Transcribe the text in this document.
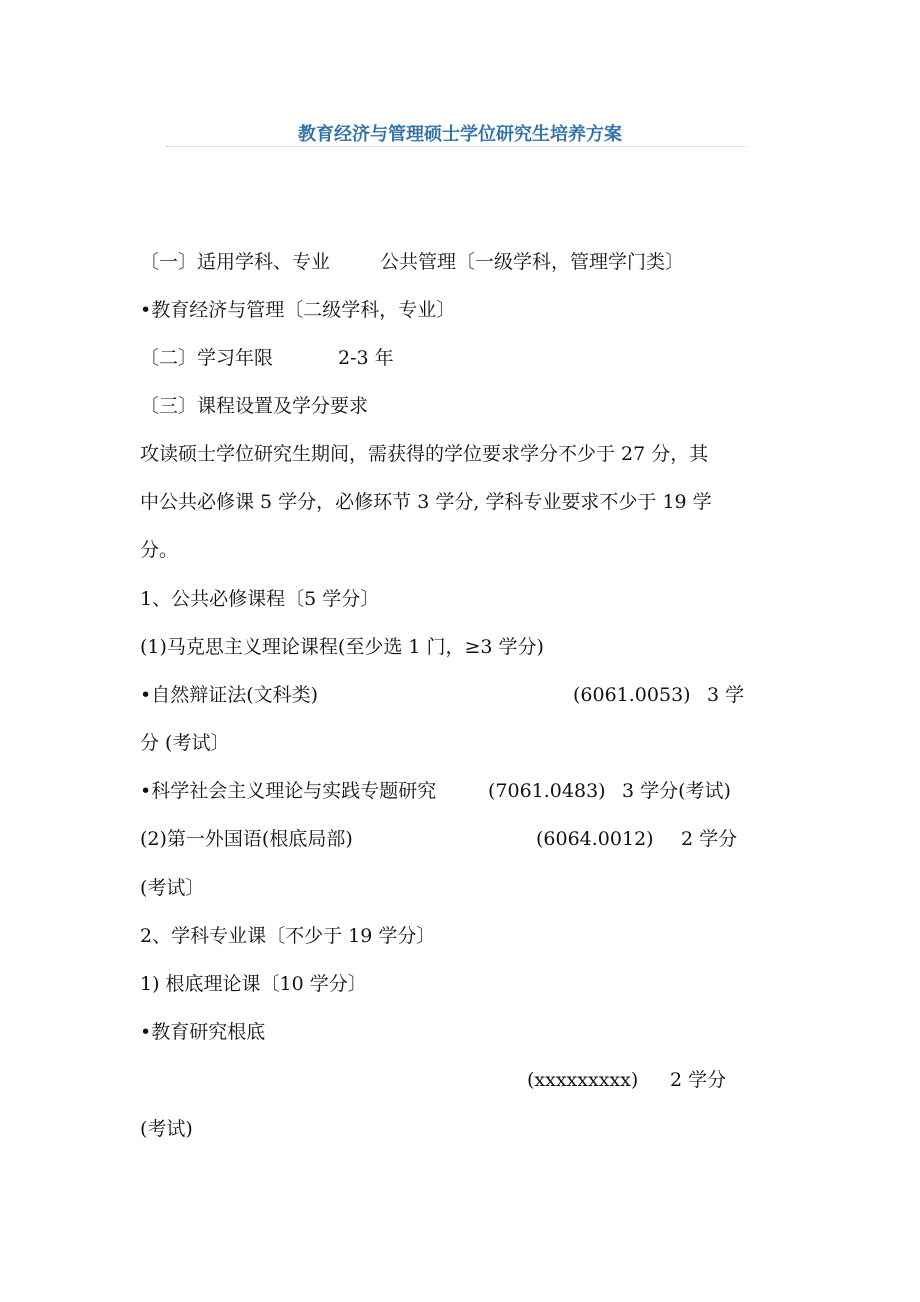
教育经济与管理硕士学位研究生培养方案
〔一〕适用学科、专业	公共管理〔一级学科，管理学门类〕
•教育经济与管理〔二级学科，专业〕
〔二〕学习年限	2-3 年
〔三〕课程设置及学分要求
攻读硕士学位研究生期间，需获得的学位要求学分不少于 27 分，其
中公共必修课 5 学分，必修环节 3 学分, 学科专业要求不少于 19 学
分。
1、公共必修课程〔5 学分〕
(1)马克思主义理论课程(至少选 1 门，≥3 学分)
•自然辩证法(文科类)	(6061.0053) 3 学
分 (考试〕
•科学社会主义理论与实践专题研究	(7061.0483) 3 学分(考试)
(2)第一外国语(根底局部)	(6064.0012) 2 学分
(考试〕
2、学科专业课〔不少于 19 学分〕
1) 根底理论课〔10 学分〕
•教育研究根底
(xxxxxxxxx) 2 学分
(考试)
